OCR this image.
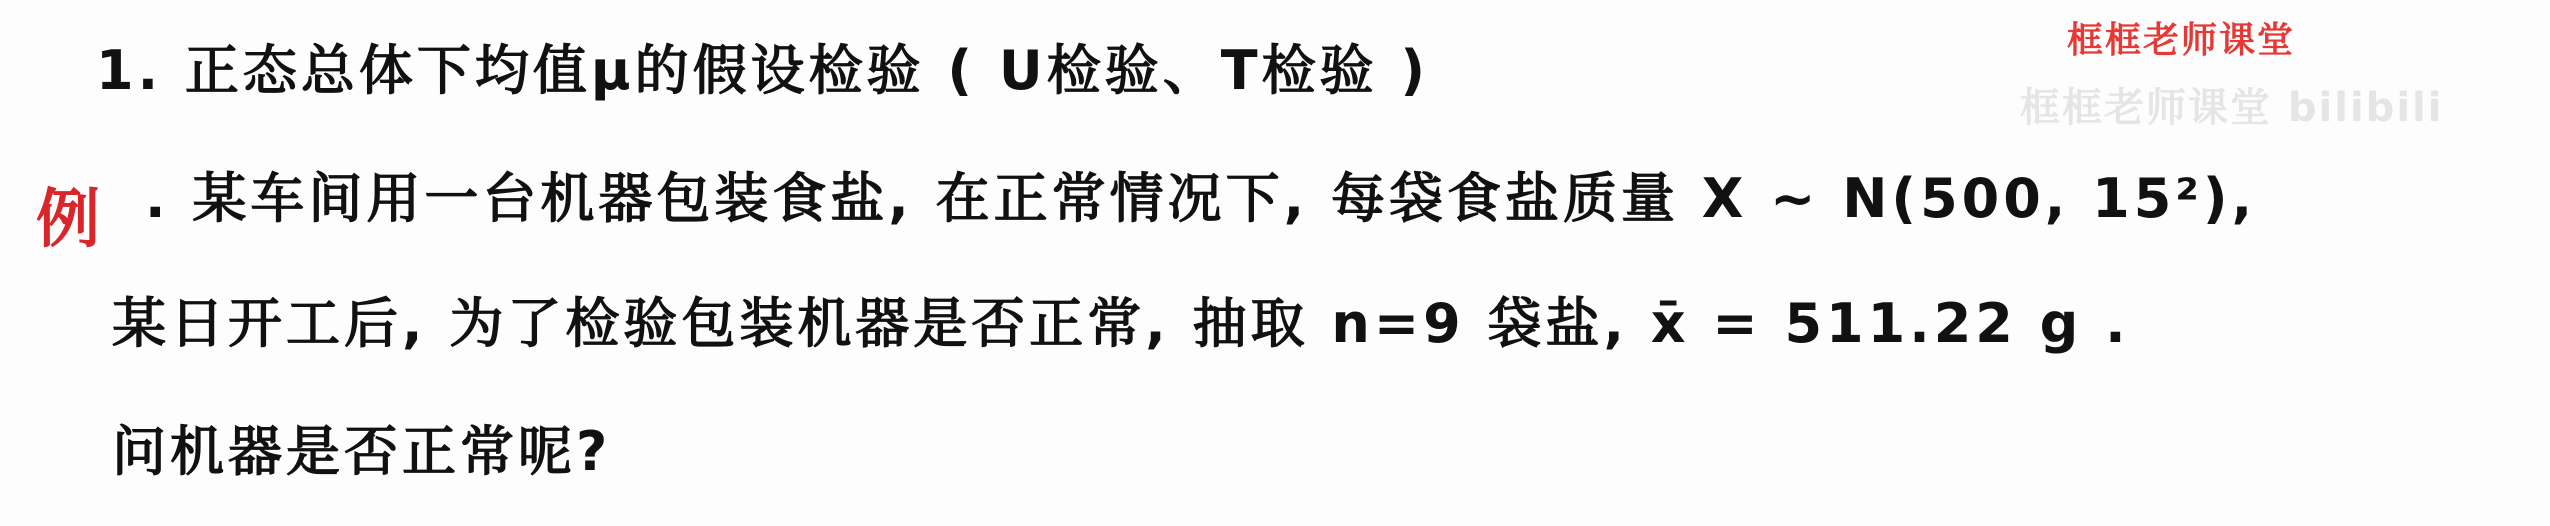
1. 正态总体下均值μ的假设检验 ( U检验、T检验 )
例 . 某车间用一台机器包装食盐, 在正常情况下, 每袋食盐质量 X ~ N(500, 15²),
某日开工后, 为了检验包装机器是否正常, 抽取 n=9 袋盐, x̄ = 511.22 g .
问机器是否正常呢?
框框老师课堂
框框老师课堂 bilibili
